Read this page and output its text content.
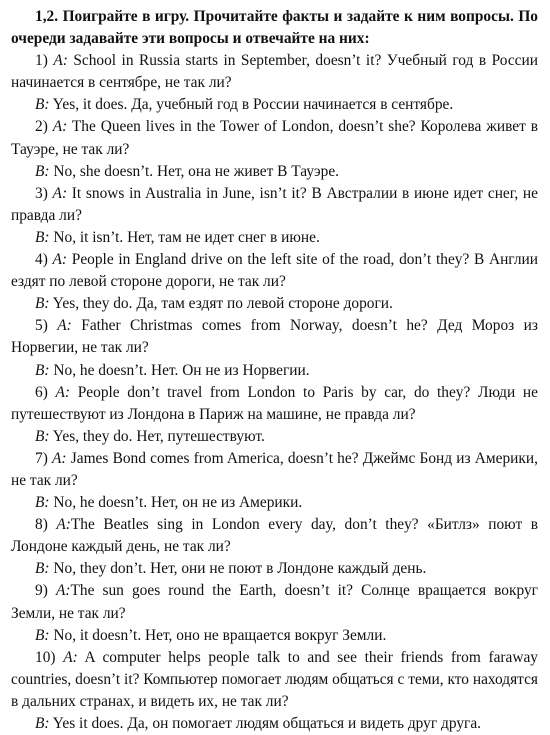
1,2. Поиграйте в игру. Прочитайте факты и задайте к ним вопросы. По очереди задавайте эти вопросы и отвечайте на них:

1) A: School in Russia starts in September, doesn’t it? Учебный год в России начинается в сентябре, не так ли?

B: Yes, it does. Да, учебный год в России начинается в сентябре.

2) A: The Queen lives in the Tower of London, doesn’t she? Королева живет в Тауэре, не так ли?

B: No, she doesn’t. Нет, она не живет В Тауэре.

3) A: It snows in Australia in June, isn’t it? В Австралии в июне идет снег, не правда ли?

B: No, it isn’t. Нет, там не идет снег в июне.

4) A: People in England drive on the left site of the road, don’t they? В Англии ездят по левой стороне дороги, не так ли?

B: Yes, they do. Да, там ездят по левой стороне дороги.

5) A: Father Christmas comes from Norway, doesn’t he? Дед Мороз из Норвегии, не так ли?

B: No, he doesn’t. Нет. Он не из Норвегии.

6) A: People don’t travel from London to Paris by car, do they? Люди не путешествуют из Лондона в Париж на машине, не правда ли?

B: Yes, they do. Нет, путешествуют.

7) A: James Bond comes from America, doesn’t he? Джеймс Бонд из Америки, не так ли?

B: No, he doesn’t. Нет, он не из Америки.

8) A:The Beatles sing in London every day, don’t they? «Битлз» поют в Лондоне каждый день, не так ли?

B: No, they don’t. Нет, они не поют в Лондоне каждый день.

9) A:The sun goes round the Earth, doesn’t it? Солнце вращается вокруг Земли, не так ли?

B: No, it doesn’t. Нет, оно не вращается вокруг Земли.

10) A: A computer helps people talk to and see their friends from faraway countries, doesn’t it? Компьютер помогает людям общаться с теми, кто находятся в дальних странах, и видеть их, не так ли?

B: Yes it does. Да, он помогает людям общаться и видеть друг друга.
